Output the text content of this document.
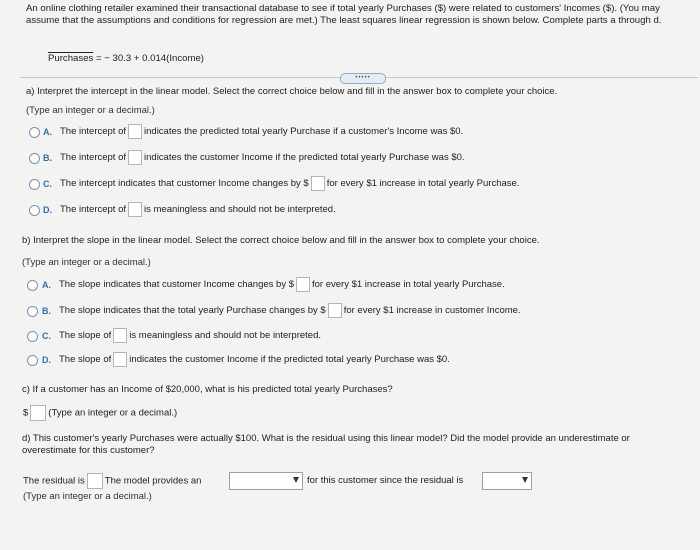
An online clothing retailer examined their transactional database to see if total yearly Purchases ($) were related to customers' Incomes ($). (You may assume that the assumptions and conditions for regression are met.) The least squares linear regression is shown below. Complete parts a through d.
Purchases = − 30.3 + 0.014(Income)
•••••
a) Interpret the intercept in the linear model. Select the correct choice below and fill in the answer box to complete your choice.
(Type an integer or a decimal.)
A. The intercept of indicates the predicted total yearly Purchase if a customer's Income was $0.
B. The intercept of indicates the customer Income if the predicted total yearly Purchase was $0.
C. The intercept indicates that customer Income changes by $ for every $1 increase in total yearly Purchase.
D. The intercept of is meaningless and should not be interpreted.
b) Interpret the slope in the linear model. Select the correct choice below and fill in the answer box to complete your choice.
(Type an integer or a decimal.)
A. The slope indicates that customer Income changes by $ for every $1 increase in total yearly Purchase.
B. The slope indicates that the total yearly Purchase changes by $ for every $1 increase in customer Income.
C. The slope of is meaningless and should not be interpreted.
D. The slope of indicates the customer Income if the predicted total yearly Purchase was $0.
c) If a customer has an Income of $20,000, what is his predicted total yearly Purchases?
$ (Type an integer or a decimal.)
d) This customer's yearly Purchases were actually $100. What is the residual using this linear model? Did the model provide an underestimate or
overestimate for this customer?
The residual is The model provides an	for this customer since the residual is
(Type an integer or a decimal.)
